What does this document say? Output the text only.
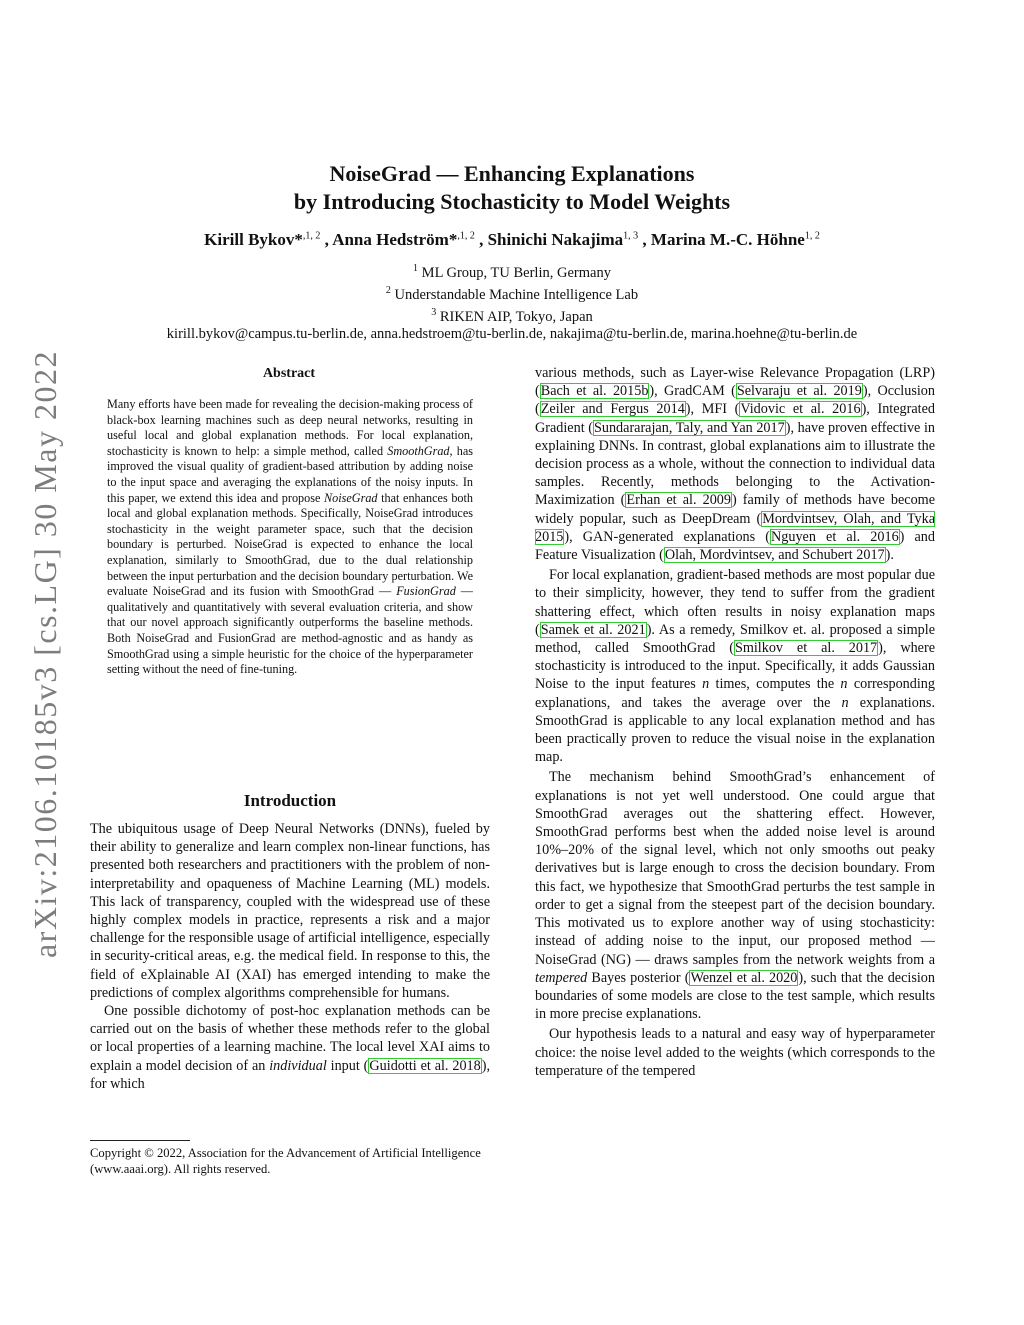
arXiv:2106.10185v3 [cs.LG] 30 May 2022
NoiseGrad — Enhancing Explanations
by Introducing Stochasticity to Model Weights
Kirill Bykov*$^{,1, 2}$ , Anna Hedström*$^{,1, 2}$ , Shinichi Nakajima$^{1, 3}$ , Marina M.-C. Höhne$^{1, 2}$
$^1$ ML Group, TU Berlin, Germany
$^2$ Understandable Machine Intelligence Lab
$^3$ RIKEN AIP, Tokyo, Japan
kirill.bykov@campus.tu-berlin.de, anna.hedstroem@tu-berlin.de, nakajima@tu-berlin.de, marina.hoehne@tu-berlin.de
Abstract
Many efforts have been made for revealing the decision-making process of black-box learning machines such as deep neural networks, resulting in useful local and global explanation methods. For local explanation, stochasticity is known to help: a simple method, called SmoothGrad, has improved the visual quality of gradient-based attribution by adding noise to the input space and averaging the explanations of the noisy inputs. In this paper, we extend this idea and propose NoiseGrad that enhances both local and global explanation methods. Specifically, NoiseGrad introduces stochasticity in the weight parameter space, such that the decision boundary is perturbed. NoiseGrad is expected to enhance the local explanation, similarly to SmoothGrad, due to the dual relationship between the input perturbation and the decision boundary perturbation. We evaluate NoiseGrad and its fusion with SmoothGrad — FusionGrad — qualitatively and quantitatively with several evaluation criteria, and show that our novel approach significantly outperforms the baseline methods. Both NoiseGrad and FusionGrad are method-agnostic and as handy as SmoothGrad using a simple heuristic for the choice of the hyperparameter setting without the need of fine-tuning.
Introduction

The ubiquitous usage of Deep Neural Networks (DNNs), fueled by their ability to generalize and learn complex non-linear functions, has presented both researchers and practitioners with the problem of non-interpretability and opaqueness of Machine Learning (ML) models. This lack of transparency, coupled with the widespread use of these highly complex models in practice, represents a risk and a major challenge for the responsible usage of artificial intelligence, especially in security-critical areas, e.g. the medical field. In response to this, the field of eXplainable AI (XAI) has emerged intending to make the predictions of complex algorithms comprehensible for humans.

One possible dichotomy of post-hoc explanation methods can be carried out on the basis of whether these methods refer to the global or local properties of a learning machine. The local level XAI aims to explain a model decision of an individual input (Guidotti et al. 2018), for which

Copyright © 2022, Association for the Advancement of Artificial Intelligence (www.aaai.org). All rights reserved.

various methods, such as Layer-wise Relevance Propagation (LRP) (Bach et al. 2015b), GradCAM (Selvaraju et al. 2019), Occlusion (Zeiler and Fergus 2014), MFI (Vidovic et al. 2016), Integrated Gradient (Sundararajan, Taly, and Yan 2017), have proven effective in explaining DNNs. In contrast, global explanations aim to illustrate the decision process as a whole, without the connection to individual data samples. Recently, methods belonging to the Activation-Maximization (Erhan et al. 2009) family of methods have become widely popular, such as DeepDream (Mordvintsev, Olah, and Tyka 2015), GAN-generated explanations (Nguyen et al. 2016) and Feature Visualization (Olah, Mordvintsev, and Schubert 2017).

For local explanation, gradient-based methods are most popular due to their simplicity, however, they tend to suffer from the gradient shattering effect, which often results in noisy explanation maps (Samek et al. 2021). As a remedy, Smilkov et. al. proposed a simple method, called SmoothGrad (Smilkov et al. 2017), where stochasticity is introduced to the input. Specifically, it adds Gaussian Noise to the input features n times, computes the n corresponding explanations, and takes the average over the n explanations. SmoothGrad is applicable to any local explanation method and has been practically proven to reduce the visual noise in the explanation map.

The mechanism behind SmoothGrad’s enhancement of explanations is not yet well understood. One could argue that SmoothGrad averages out the shattering effect. However, SmoothGrad performs best when the added noise level is around 10%–20% of the signal level, which not only smooths out peaky derivatives but is large enough to cross the decision boundary. From this fact, we hypothesize that SmoothGrad perturbs the test sample in order to get a signal from the steepest part of the decision boundary. This motivated us to explore another way of using stochasticity: instead of adding noise to the input, our proposed method — NoiseGrad (NG) — draws samples from the network weights from a tempered Bayes posterior (Wenzel et al. 2020), such that the decision boundaries of some models are close to the test sample, which results in more precise explanations.

Our hypothesis leads to a natural and easy way of hyperparameter choice: the noise level added to the weights (which corresponds to the temperature of the tempered
